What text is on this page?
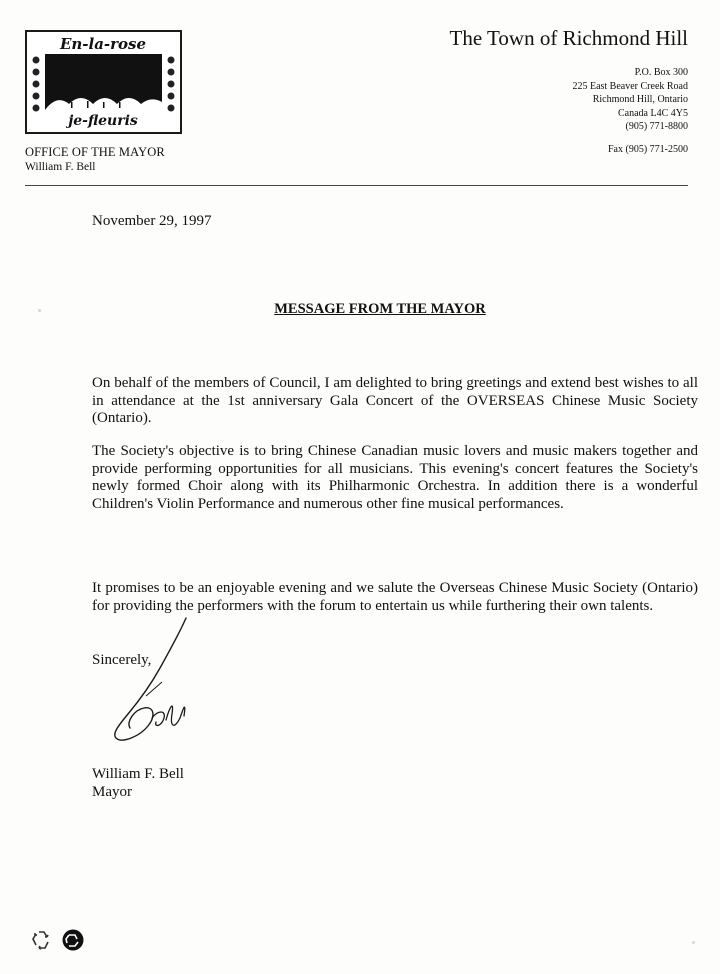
En-la-rose
je-fleuris
OFFICE OF THE MAYOR
William F. Bell
The Town of Richmond Hill
P.O. Box 300
225 East Beaver Creek Road
Richmond Hill, Ontario
Canada L4C 4Y5
(905) 771-8800
Fax (905) 771-2500
November 29, 1997
MESSAGE FROM THE MAYOR
On behalf of the members of Council, I am delighted to bring greetings and extend best wishes to all in attendance at the 1st anniversary Gala Concert of the OVERSEAS Chinese Music Society (Ontario).
The Society's objective is to bring Chinese Canadian music lovers and music makers together and provide performing opportunities for all musicians. This evening's concert features the Society's newly formed Choir along with its Philharmonic Orchestra. In addition there is a wonderful Children's Violin Performance and numerous other fine musical performances.
It promises to be an enjoyable evening and we salute the Overseas Chinese Music Society (Ontario) for providing the performers with the forum to entertain us while furthering their own talents.
Sincerely,
William F. Bell
Mayor
